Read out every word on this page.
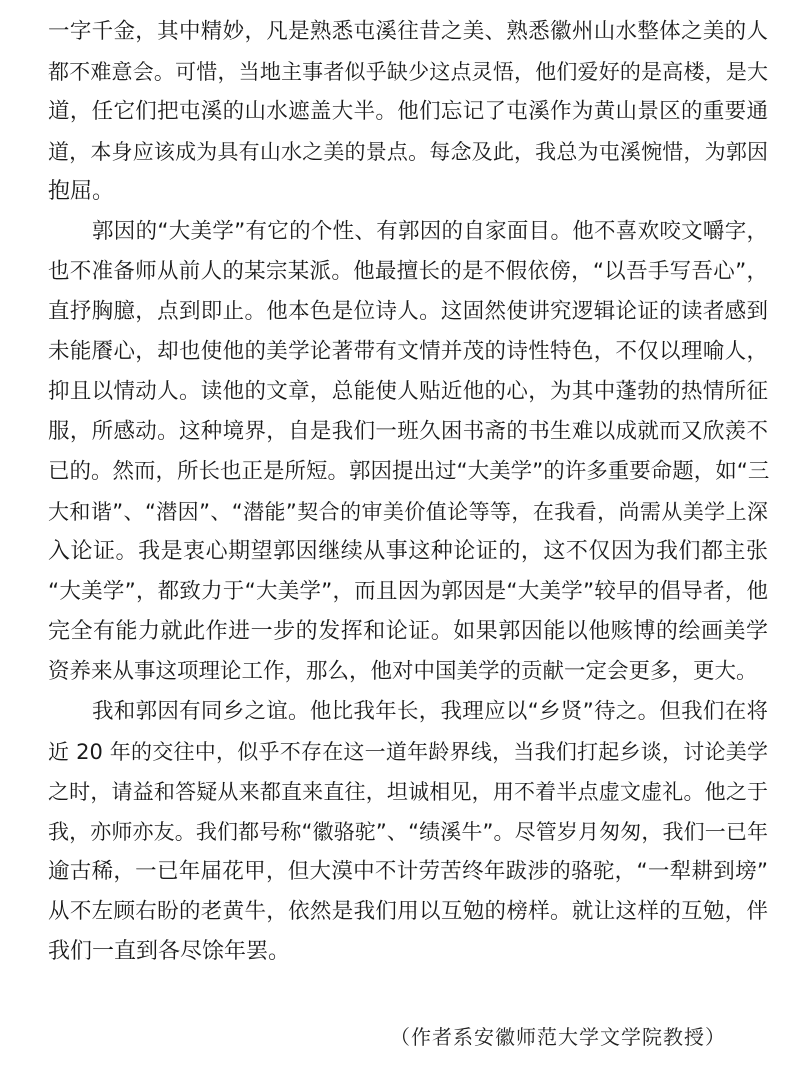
一字千金，其中精妙，凡是熟悉屯溪往昔之美、熟悉徽州山水整体之美的人
都不难意会。可惜，当地主事者似乎缺少这点灵悟，他们爱好的是高楼，是大
道，任它们把屯溪的山水遮盖大半。他们忘记了屯溪作为黄山景区的重要通
道，本身应该成为具有山水之美的景点。每念及此，我总为屯溪惋惜，为郭因
抱屈。
郭因的“大美学”有它的个性、有郭因的自家面目。他不喜欢咬文嚼字，
也不准备师从前人的某宗某派。他最擅长的是不假依傍，“以吾手写吾心”，
直抒胸臆，点到即止。他本色是位诗人。这固然使讲究逻辑论证的读者感到
未能餍心，却也使他的美学论著带有文情并茂的诗性特色，不仅以理喻人，
抑且以情动人。读他的文章，总能使人贴近他的心，为其中蓬勃的热情所征
服，所感动。这种境界，自是我们一班久困书斋的书生难以成就而又欣羡不
已的。然而，所长也正是所短。郭因提出过“大美学”的许多重要命题，如“三
大和谐”、“潜因”、“潜能”契合的审美价值论等等，在我看，尚需从美学上深
入论证。我是衷心期望郭因继续从事这种论证的，这不仅因为我们都主张
“大美学”，都致力于“大美学”，而且因为郭因是“大美学”较早的倡导者，他
完全有能力就此作进一步的发挥和论证。如果郭因能以他赅博的绘画美学
资养来从事这项理论工作，那么，他对中国美学的贡献一定会更多，更大。
我和郭因有同乡之谊。他比我年长，我理应以“乡贤”待之。但我们在将
近 20 年的交往中，似乎不存在这一道年龄界线，当我们打起乡谈，讨论美学
之时，请益和答疑从来都直来直往，坦诚相见，用不着半点虚文虚礼。他之于
我，亦师亦友。我们都号称“徽骆驼”、“绩溪牛”。尽管岁月匆匆，我们一已年
逾古稀，一已年届花甲，但大漠中不计劳苦终年跋涉的骆驼，“一犁耕到塝”
从不左顾右盼的老黄牛，依然是我们用以互勉的榜样。就让这样的互勉，伴
我们一直到各尽馀年罢。
（作者系安徽师范大学文学院教授）
